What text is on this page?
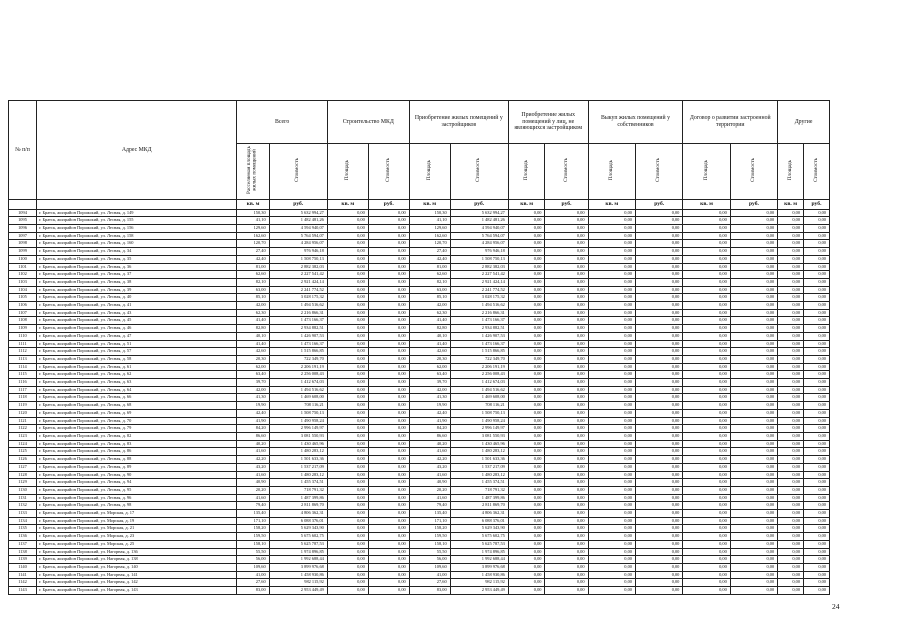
№ п/п	Адрес МКД	Всего		Строительство МКД		Приобретение жилых помещений у застройщиков		Приобретение жилых помещений у лиц, не являющихся застройщиком		Выкуп жилых помещений у собственников		Договор о развитии застроенной территории		Другие	
		Расселяемая площадь жилых помещений	Стоимость	Площадь	Стоимость	Площадь	Стоимость	Площадь	Стоимость	Площадь	Стоимость	Площадь	Стоимость	Площадь	Стоимость
		кв. м	руб.	кв. м	руб.	кв. м	руб.	кв. м	руб.	кв. м	руб.	кв. м	руб.	кв. м	руб.
1094	г. Братск, жилрайон Порожский, ул. Лесная, д. 149	150,30	5 632 994,27	0,00	0,00	150,30	5 632 994,27	0,00	0,00	0,00	0,00	0,00	0,00	0,00	0,00
1095	г. Братск, жилрайон Порожский, ул. Лесная, д. 155	41,10	1 482 481,26	0,00	0,00	41,10	1 482 481,26	0,00	0,00	0,00	0,00	0,00	0,00	0,00	0,00
1096	г. Братск, жилрайон Порожский, ул. Лесная, д. 156	129,60	4 594 940,07	0,00	0,00	129,60	4 594 940,07	0,00	0,00	0,00	0,00	0,00	0,00	0,00	0,00
1097	г. Братск, жилрайон Порожский, ул. Лесная, д. 158	162,60	5 764 594,07	0,00	0,00	162,60	5 764 594,07	0,00	0,00	0,00	0,00	0,00	0,00	0,00	0,00
1098	г. Братск, жилрайон Порожский, ул. Лесная, д. 160	120,70	4 284 956,07	0,00	0,00	120,70	4 284 956,07	0,00	0,00	0,00	0,00	0,00	0,00	0,00	0,00
1099	г. Братск, жилрайон Порожский, ул. Лесная, д. 34	27,40	976 946,18	0,00	0,00	27,40	976 946,18	0,00	0,00	0,00	0,00	0,00	0,00	0,00	0,00
1100	г. Братск, жилрайон Порожский, ул. Лесная, д. 35	42,40	1 508 750,13	0,00	0,00	42,40	1 508 750,13	0,00	0,00	0,00	0,00	0,00	0,00	0,00	0,00
1101	г. Братск, жилрайон Порожский, ул. Лесная, д. 36	81,00	2 882 382,03	0,00	0,00	81,00	2 882 382,03	0,00	0,00	0,00	0,00	0,00	0,00	0,00	0,00
1102	г. Братск, жилрайон Порожский, ул. Лесная, д. 37	62,60	2 227 541,42	0,00	0,00	62,60	2 227 541,42	0,00	0,00	0,00	0,00	0,00	0,00	0,00	0,00
1103	г. Братск, жилрайон Порожский, ул. Лесная, д. 38	82,10	2 921 424,14	0,00	0,00	82,10	2 921 424,14	0,00	0,00	0,00	0,00	0,00	0,00	0,00	0,00
1104	г. Братск, жилрайон Порожский, ул. Лесная, д. 39	63,00	2 241 774,52	0,00	0,00	63,00	2 241 774,52	0,00	0,00	0,00	0,00	0,00	0,00	0,00	0,00
1105	г. Братск, жилрайон Порожский, ул. Лесная, д. 40	85,10	3 028 175,32	0,00	0,00	85,10	3 028 175,32	0,00	0,00	0,00	0,00	0,00	0,00	0,00	0,00
1106	г. Братск, жилрайон Порожский, ул. Лесная, д. 41	42,00	1 494 516,62	0,00	0,00	42,00	1 494 516,62	0,00	0,00	0,00	0,00	0,00	0,00	0,00	0,00
1107	г. Братск, жилрайон Порожский, ул. Лесная, д. 43	62,30	2 216 866,31	0,00	0,00	62,30	2 216 866,31	0,00	0,00	0,00	0,00	0,00	0,00	0,00	0,00
1108	г. Братск, жилрайон Порожский, ул. Лесная, д. 45	41,40	1 473 166,37	0,00	0,00	41,40	1 473 166,37	0,00	0,00	0,00	0,00	0,00	0,00	0,00	0,00
1109	г. Братск, жилрайон Порожский, ул. Лесная, д. 46	82,80	2 934 882,51	0,00	0,00	82,80	2 934 882,51	0,00	0,00	0,00	0,00	0,00	0,00	0,00	0,00
1110	г. Братск, жилрайон Порожский, ул. Лесная, д. 47	40,10	1 426 907,53	0,00	0,00	40,10	1 426 907,53	0,00	0,00	0,00	0,00	0,00	0,00	0,00	0,00
1111	г. Братск, жилрайон Порожский, ул. Лесная, д. 51	41,40	1 473 166,37	0,00	0,00	41,40	1 473 166,37	0,00	0,00	0,00	0,00	0,00	0,00	0,00	0,00
1112	г. Братск, жилрайон Порожский, ул. Лесная, д. 57	42,60	1 515 866,85	0,00	0,00	42,60	1 515 866,85	0,00	0,00	0,00	0,00	0,00	0,00	0,00	0,00
1113	г. Братск, жилрайон Порожский, ул. Лесная, д. 58	20,30	722 349,70	0,00	0,00	20,30	722 349,70	0,00	0,00	0,00	0,00	0,00	0,00	0,00	0,00
1114	г. Братск, жилрайон Порожский, ул. Лесная, д. 61	62,00	2 206 191,19	0,00	0,00	62,00	2 206 191,19	0,00	0,00	0,00	0,00	0,00	0,00	0,00	0,00
1115	г. Братск, жилрайон Порожский, ул. Лесная, д. 62	63,40	2 256 008,43	0,00	0,00	63,40	2 256 008,43	0,00	0,00	0,00	0,00	0,00	0,00	0,00	0,00
1116	г. Братск, жилрайон Порожский, ул. Лесная, д. 63	39,70	1 412 674,03	0,00	0,00	39,70	1 412 674,03	0,00	0,00	0,00	0,00	0,00	0,00	0,00	0,00
1117	г. Братск, жилрайон Порожский, ул. Лесная, д. 64	42,00	1 494 516,62	0,00	0,00	42,00	1 494 516,62	0,00	0,00	0,00	0,00	0,00	0,00	0,00	0,00
1118	г. Братск, жилрайон Порожский, ул. Лесная, д. 66	41,30	1 469 608,00	0,00	0,00	41,30	1 469 608,00	0,00	0,00	0,00	0,00	0,00	0,00	0,00	0,00
1119	г. Братск, жилрайон Порожский, ул. Лесная, д. 68	19,90	708 116,21	0,00	0,00	19,90	708 116,21	0,00	0,00	0,00	0,00	0,00	0,00	0,00	0,00
1120	г. Братск, жилрайон Порожский, ул. Лесная, д. 69	42,40	1 508 750,13	0,00	0,00	42,40	1 508 750,13	0,00	0,00	0,00	0,00	0,00	0,00	0,00	0,00
1121	г. Братск, жилрайон Порожский, ул. Лесная, д. 70	41,90	1 490 958,24	0,00	0,00	41,90	1 490 958,24	0,00	0,00	0,00	0,00	0,00	0,00	0,00	0,00
1122	г. Братск, жилрайон Порожский, ул. Лесная, д. 79	84,20	2 996 149,97	0,00	0,00	84,20	2 996 149,97	0,00	0,00	0,00	0,00	0,00	0,00	0,00	0,00
1123	г. Братск, жилрайон Порожский, ул. Лесная, д. 82	86,60	3 081 550,93	0,00	0,00	86,60	3 081 550,93	0,00	0,00	0,00	0,00	0,00	0,00	0,00	0,00
1124	г. Братск, жилрайон Порожский, ул. Лесная, д. 83	40,20	1 430 465,96	0,00	0,00	40,20	1 430 465,96	0,00	0,00	0,00	0,00	0,00	0,00	0,00	0,00
1125	г. Братск, жилрайон Порожский, ул. Лесная, д. 86	41,60	1 480 283,12	0,00	0,00	41,60	1 480 283,12	0,00	0,00	0,00	0,00	0,00	0,00	0,00	0,00
1126	г. Братск, жилрайон Порожский, ул. Лесная, д. 88	42,20	1 501 633,36	0,00	0,00	42,20	1 501 633,36	0,00	0,00	0,00	0,00	0,00	0,00	0,00	0,00
1127	г. Братск, жилрайон Порожский, ул. Лесная, д. 89	43,20	1 537 217,09	0,00	0,00	43,20	1 537 217,09	0,00	0,00	0,00	0,00	0,00	0,00	0,00	0,00
1128	г. Братск, жилрайон Порожский, ул. Лесная, д. 90	41,60	1 480 283,12	0,00	0,00	41,60	1 480 283,12	0,00	0,00	0,00	0,00	0,00	0,00	0,00	0,00
1129	г. Братск, жилрайон Порожский, ул. Лесная, д. 94	40,90	1 455 374,51	0,00	0,00	40,90	1 455 374,51	0,00	0,00	0,00	0,00	0,00	0,00	0,00	0,00
1130	г. Братск, жилрайон Порожский, ул. Лесная, д. 95	20,20	718 791,32	0,00	0,00	20,20	718 791,32	0,00	0,00	0,00	0,00	0,00	0,00	0,00	0,00
1131	г. Братск, жилрайон Порожский, ул. Лесная, д. 96	41,60	1 487 399,86	0,00	0,00	41,60	1 487 399,86	0,00	0,00	0,00	0,00	0,00	0,00	0,00	0,00
1132	г. Братск, жилрайон Порожский, ул. Лесная, д. 98	79,40	2 811 869,70	0,00	0,00	79,40	2 811 869,70	0,00	0,00	0,00	0,00	0,00	0,00	0,00	0,00
1133	г. Братск, жилрайон Порожский, ул. Морская, д. 17	135,40	4 806 362,31	0,00	0,00	135,40	4 806 362,31	0,00	0,00	0,00	0,00	0,00	0,00	0,00	0,00
1134	г. Братск, жилрайон Порожский, ул. Морская, д. 19	171,10	6 088 376,01	0,00	0,00	171,10	6 088 376,01	0,00	0,00	0,00	0,00	0,00	0,00	0,00	0,00
1135	г. Братск, жилрайон Порожский, ул. Морская, д. 21	158,20	5 629 343,90	0,00	0,00	158,20	5 629 343,90	0,00	0,00	0,00	0,00	0,00	0,00	0,00	0,00
1136	г. Братск, жилрайон Порожский, ул. Морская, д. 23	159,50	5 675 602,75	0,00	0,00	159,50	5 675 602,75	0,00	0,00	0,00	0,00	0,00	0,00	0,00	0,00
1137	г. Братск, жилрайон Порожский, ул. Морская, д. 25	158,10	5 625 787,53	0,00	0,00	158,10	5 625 787,53	0,00	0,00	0,00	0,00	0,00	0,00	0,00	0,00
1138	г. Братск, жилрайон Порожский, ул. Нагорная, д. 136	55,50	1 974 896,85	0,00	0,00	55,50	1 974 896,85	0,00	0,00	0,00	0,00	0,00	0,00	0,00	0,00
1139	г. Братск, жилрайон Порожский, ул. Нагорная, д. 138	56,00	1 992 688,44	0,00	0,00	56,00	1 992 688,44	0,00	0,00	0,00	0,00	0,00	0,00	0,00	0,00
1140	г. Братск, жилрайон Порожский, ул. Нагорная, д. 140	109,60	3 899 976,68	0,00	0,00	109,60	3 899 976,68	0,00	0,00	0,00	0,00	0,00	0,00	0,00	0,00
1141	г. Братск, жилрайон Порожский, ул. Нагорная, д. 141	41,00	1 458 930,86	0,00	0,00	41,00	1 458 930,86	0,00	0,00	0,00	0,00	0,00	0,00	0,00	0,00
1142	г. Братск, жилрайон Порожский, ул. Нагорная, д. 142	27,60	982 115,92	0,00	0,00	27,60	982 115,92	0,00	0,00	0,00	0,00	0,00	0,00	0,00	0,00
1143	г. Братск, жилрайон Порожский, ул. Нагорная, д. 143	83,00	2 953 449,49	0,00	0,00	83,00	2 953 449,49	0,00	0,00	0,00	0,00	0,00	0,00	0,00	0,00
24
